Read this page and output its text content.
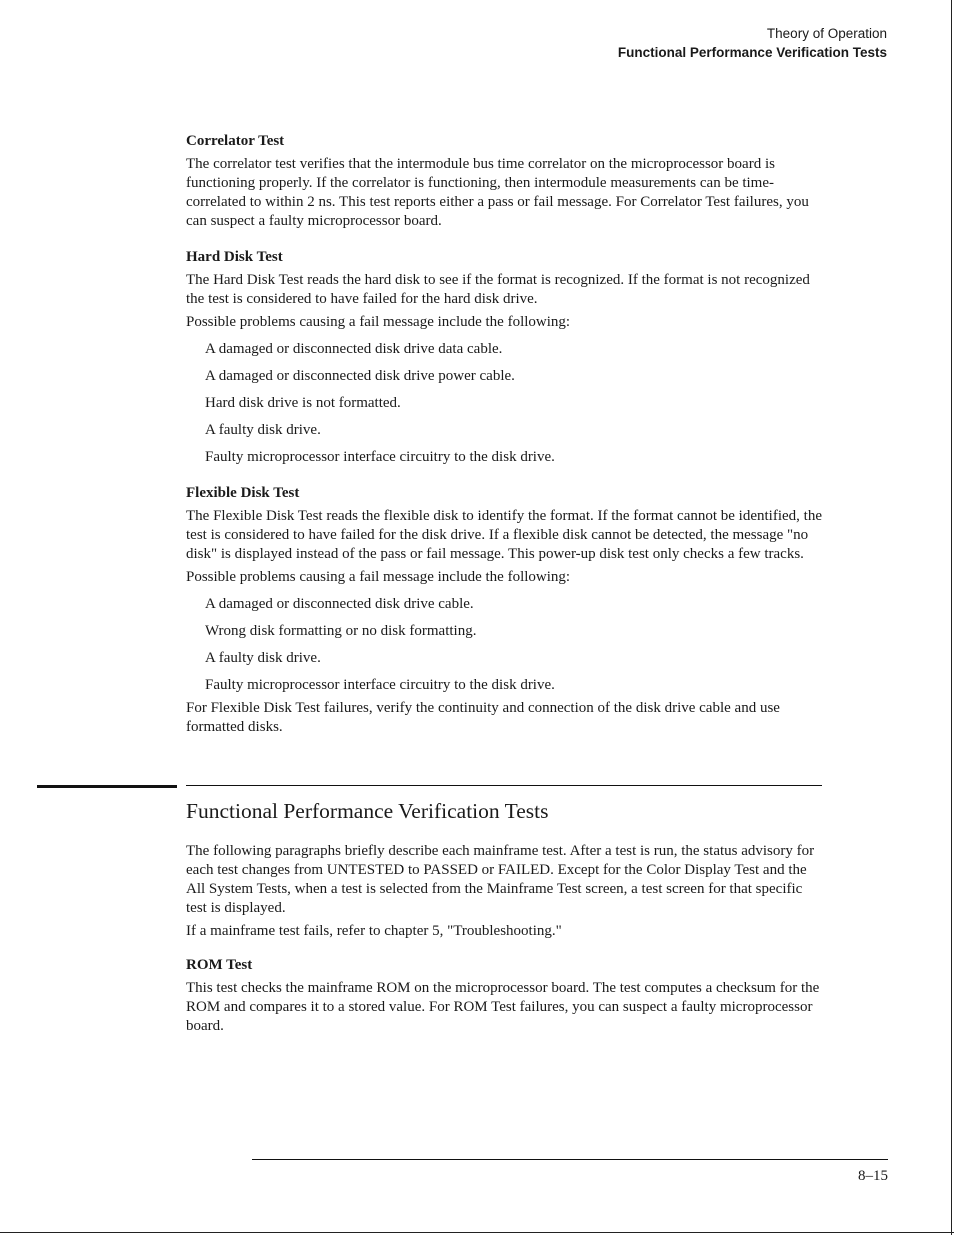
Theory of Operation
Functional Performance Verification Tests
Correlator Test

The correlator test verifies that the intermodule bus time correlator on the microprocessor board is functioning properly. If the correlator is functioning, then intermodule measurements can be time-correlated to within 2 ns. This test reports either a pass or fail message. For Correlator Test failures, you can suspect a faulty microprocessor board.

Hard Disk Test

The Hard Disk Test reads the hard disk to see if the format is recognized. If the format is not recognized the test is considered to have failed for the hard disk drive.

Possible problems causing a fail message include the following:

A damaged or disconnected disk drive data cable.
A damaged or disconnected disk drive power cable.
Hard disk drive is not formatted.
A faulty disk drive.
Faulty microprocessor interface circuitry to the disk drive.
Flexible Disk Test

The Flexible Disk Test reads the flexible disk to identify the format. If the format cannot be identified, the test is considered to have failed for the disk drive. If a flexible disk cannot be detected, the message "no disk" is displayed instead of the pass or fail message. This power-up disk test only checks a few tracks.

Possible problems causing a fail message include the following:

A damaged or disconnected disk drive cable.
Wrong disk formatting or no disk formatting.
A faulty disk drive.
Faulty microprocessor interface circuitry to the disk drive.

For Flexible Disk Test failures, verify the continuity and connection of the disk drive cable and use formatted disks.

Functional Performance Verification Tests

The following paragraphs briefly describe each mainframe test. After a test is run, the status advisory for each test changes from UNTESTED to PASSED or FAILED. Except for the Color Display Test and the All System Tests, when a test is selected from the Mainframe Test screen, a test screen for that specific test is displayed.

If a mainframe test fails, refer to chapter 5, "Troubleshooting."

ROM Test

This test checks the mainframe ROM on the microprocessor board. The test computes a checksum for the ROM and compares it to a stored value. For ROM Test failures, you can suspect a faulty microprocessor board.

8–15
